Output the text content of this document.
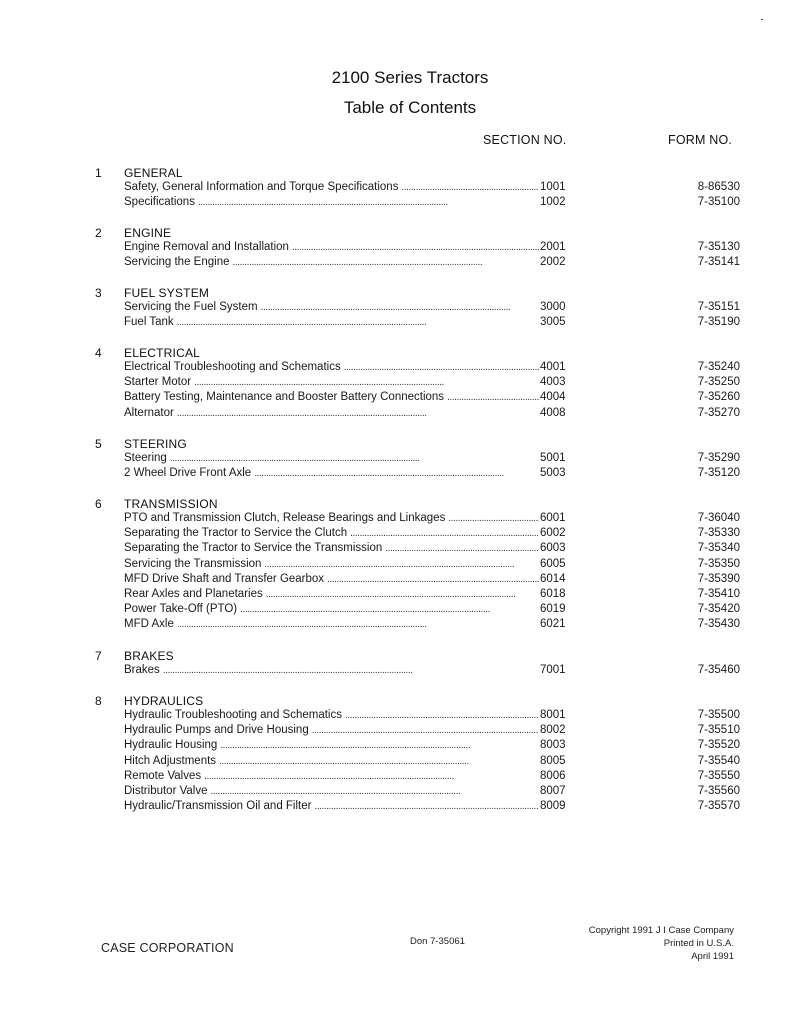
2100 Series Tractors
Table of Contents
SECTION NO.	FORM NO.
1 GENERAL
Safety, General Information and Torque Specifications . . .	1001	8-86530
Specifications . . .	1002	7-35100
2 ENGINE
Engine Removal and Installation . . .	2001	7-35130
Servicing the Engine . . .	2002	7-35141
3 FUEL SYSTEM
Servicing the Fuel System . . .	3000	7-35151
Fuel Tank . . .	3005	7-35190
4 ELECTRICAL
Electrical Troubleshooting and Schematics . . .	4001	7-35240
Starter Motor . . .	4003	7-35250
Battery Testing, Maintenance and Booster Battery Connections . . .	4004	7-35260
Alternator . . .	4008	7-35270
5 STEERING
Steering . . .	5001	7-35290
2 Wheel Drive Front Axle . . .	5003	7-35120
6 TRANSMISSION
PTO and Transmission Clutch, Release Bearings and Linkages . . .	6001	7-36040
Separating the Tractor to Service the Clutch . . .	6002	7-35330
Separating the Tractor to Service the Transmission . . .	6003	7-35340
Servicing the Transmission . . .	6005	7-35350
MFD Drive Shaft and Transfer Gearbox . . .	6014	7-35390
Rear Axles and Planetaries . . .	6018	7-35410
Power Take-Off (PTO) . . .	6019	7-35420
MFD Axle . . .	6021	7-35430
7 BRAKES
Brakes . . .	7001	7-35460
8 HYDRAULICS
Hydraulic Troubleshooting and Schematics . . .	8001	7-35500
Hydraulic Pumps and Drive Housing . . .	8002	7-35510
Hydraulic Housing . . .	8003	7-35520
Hitch Adjustments . . .	8005	7-35540
Remote Valves . . .	8006	7-35550
Distributor Valve . . .	8007	7-35560
Hydraulic/Transmission Oil and Filter . . .	8009	7-35570
CASE CORPORATION	Don 7-35061
Copyright 1991 J I Case Company
Printed in U.S.A.
April 1991
